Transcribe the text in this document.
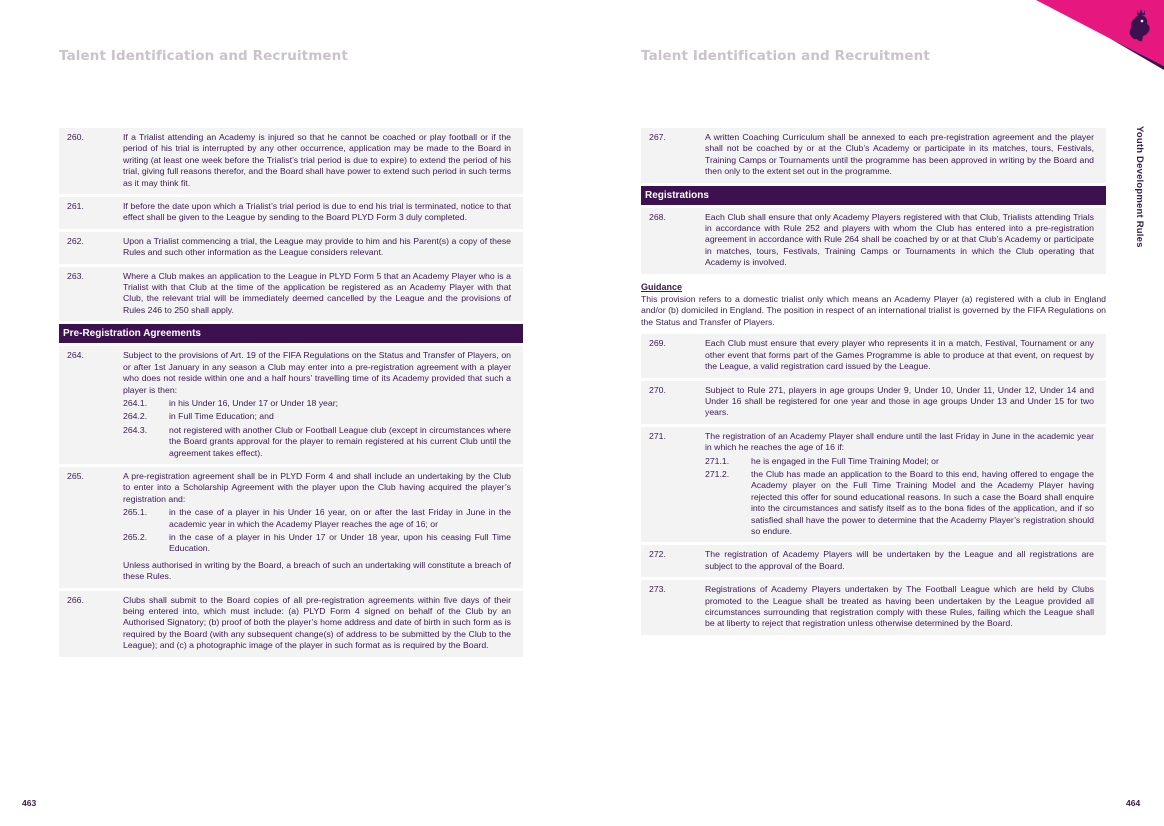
Talent Identification and Recruitment	Talent Identification and Recruitment
Youth Development Rules
463	464
260.	If a Trialist attending an Academy is injured so that he cannot be coached or play football or if the period of his trial is interrupted by any other occurrence, application may be made to the Board in writing (at least one week before the Trialist’s trial period is due to expire) to extend the period of his trial, giving full reasons therefor, and the Board shall have power to extend such period in such terms as it may think fit.
261.	If before the date upon which a Trialist’s trial period is due to end his trial is terminated, notice to that effect shall be given to the League by sending to the Board PLYD Form 3 duly completed.
262.	Upon a Trialist commencing a trial, the League may provide to him and his Parent(s) a copy of these Rules and such other information as the League considers relevant.
263.	Where a Club makes an application to the League in PLYD Form 5 that an Academy Player who is a Trialist with that Club at the time of the application be registered as an Academy Player with that Club, the relevant trial will be immediately deemed cancelled by the League and the provisions of Rules 246 to 250 shall apply.
Pre-Registration Agreements
264.	Subject to the provisions of Art. 19 of the FIFA Regulations on the Status and Transfer of Players, on or after 1st January in any season a Club may enter into a pre-registration agreement with a player who does not reside within one and a half hours’ travelling time of its Academy provided that such a player is then:
264.1.	in his Under 16, Under 17 or Under 18 year;
264.2.	in Full Time Education; and
264.3.	not registered with another Club or Football League club (except in circumstances where the Board grants approval for the player to remain registered at his current Club until the agreement takes effect).
265.	A pre-registration agreement shall be in PLYD Form 4 and shall include an undertaking by the Club to enter into a Scholarship Agreement with the player upon the Club having acquired the player’s registration and:
265.1.	in the case of a player in his Under 16 year, on or after the last Friday in June in the academic year in which the Academy Player reaches the age of 16; or
265.2.	in the case of a player in his Under 17 or Under 18 year, upon his ceasing Full Time Education.
Unless authorised in writing by the Board, a breach of such an undertaking will constitute a breach of these Rules.
266.	Clubs shall submit to the Board copies of all pre-registration agreements within five days of their being entered into, which must include: (a) PLYD Form 4 signed on behalf of the Club by an Authorised Signatory; (b) proof of both the player’s home address and date of birth in such form as is required by the Board (with any subsequent change(s) of address to be submitted by the Club to the League); and (c) a photographic image of the player in such format as is required by the Board.
267.	A written Coaching Curriculum shall be annexed to each pre-registration agreement and the player shall not be coached by or at the Club’s Academy or participate in its matches, tours, Festivals, Training Camps or Tournaments until the programme has been approved in writing by the Board and then only to the extent set out in the programme.
Registrations
268.	Each Club shall ensure that only Academy Players registered with that Club, Trialists attending Trials in accordance with Rule 252 and players with whom the Club has entered into a pre-registration agreement in accordance with Rule 264 shall be coached by or at that Club’s Academy or participate in matches, tours, Festivals, Training Camps or Tournaments in which the Club operating that Academy is involved.
Guidance
This provision refers to a domestic trialist only which means an Academy Player (a) registered with a club in England and/or (b) domiciled in England. The position in respect of an international trialist is governed by the FIFA Regulations on the Status and Transfer of Players.
269.	Each Club must ensure that every player who represents it in a match, Festival, Tournament or any other event that forms part of the Games Programme is able to produce at that event, on request by the League, a valid registration card issued by the League.
270.	Subject to Rule 271, players in age groups Under 9, Under 10, Under 11, Under 12, Under 14 and Under 16 shall be registered for one year and those in age groups Under 13 and Under 15 for two years.
271.	The registration of an Academy Player shall endure until the last Friday in June in the academic year in which he reaches the age of 16 if:
271.1.	he is engaged in the Full Time Training Model; or
271.2.	the Club has made an application to the Board to this end, having offered to engage the Academy player on the Full Time Training Model and the Academy Player having rejected this offer for sound educational reasons. In such a case the Board shall enquire into the circumstances and satisfy itself as to the bona fides of the application, and if so satisfied shall have the power to determine that the Academy Player’s registration should so endure.
272.	The registration of Academy Players will be undertaken by the League and all registrations are subject to the approval of the Board.
273.	Registrations of Academy Players undertaken by The Football League which are held by Clubs promoted to the League shall be treated as having been undertaken by the League provided all circumstances surrounding that registration comply with these Rules, failing which the League shall be at liberty to reject that registration unless otherwise determined by the Board.
